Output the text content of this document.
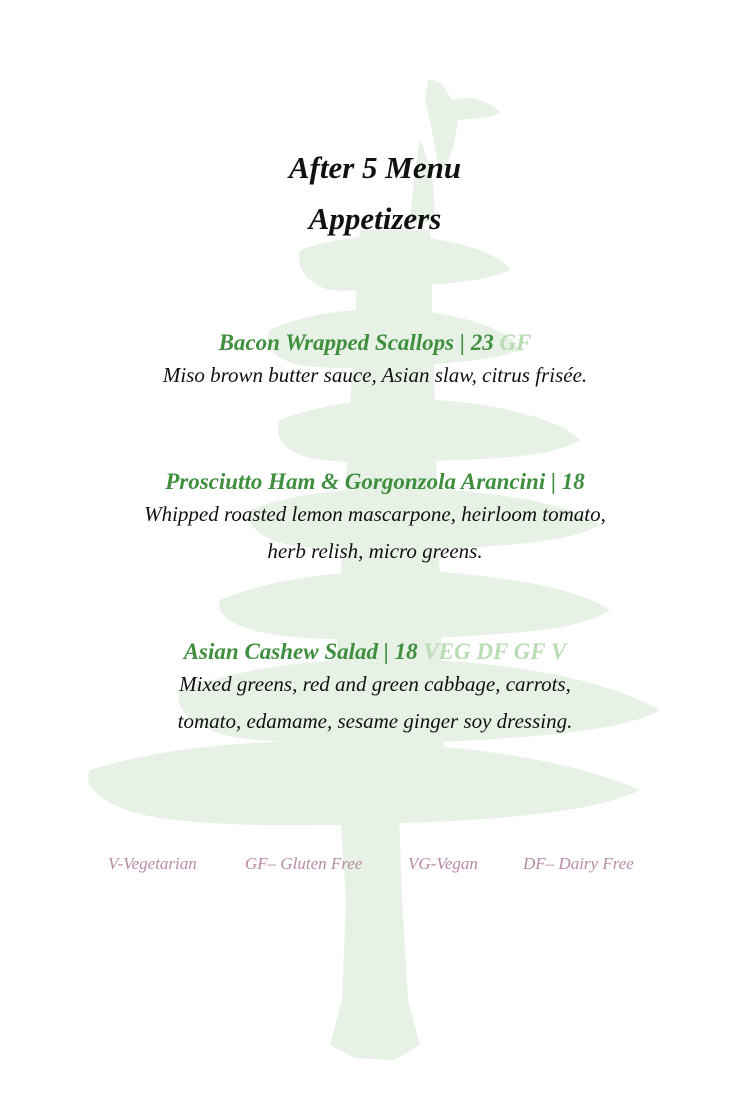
After 5 Menu
Appetizers
Bacon Wrapped Scallops | 23 GF
Miso brown butter sauce, Asian slaw, citrus frisée.
Prosciutto Ham & Gorgonzola Arancini | 18
Whipped roasted lemon mascarpone, heirloom tomato,
herb relish, micro greens.
Asian Cashew Salad | 18 VEG DF GF V
Mixed greens, red and green cabbage, carrots,
tomato, edamame, sesame ginger soy dressing.
V-Vegetarian	GF– Gluten Free	VG-Vegan	DF– Dairy Free
